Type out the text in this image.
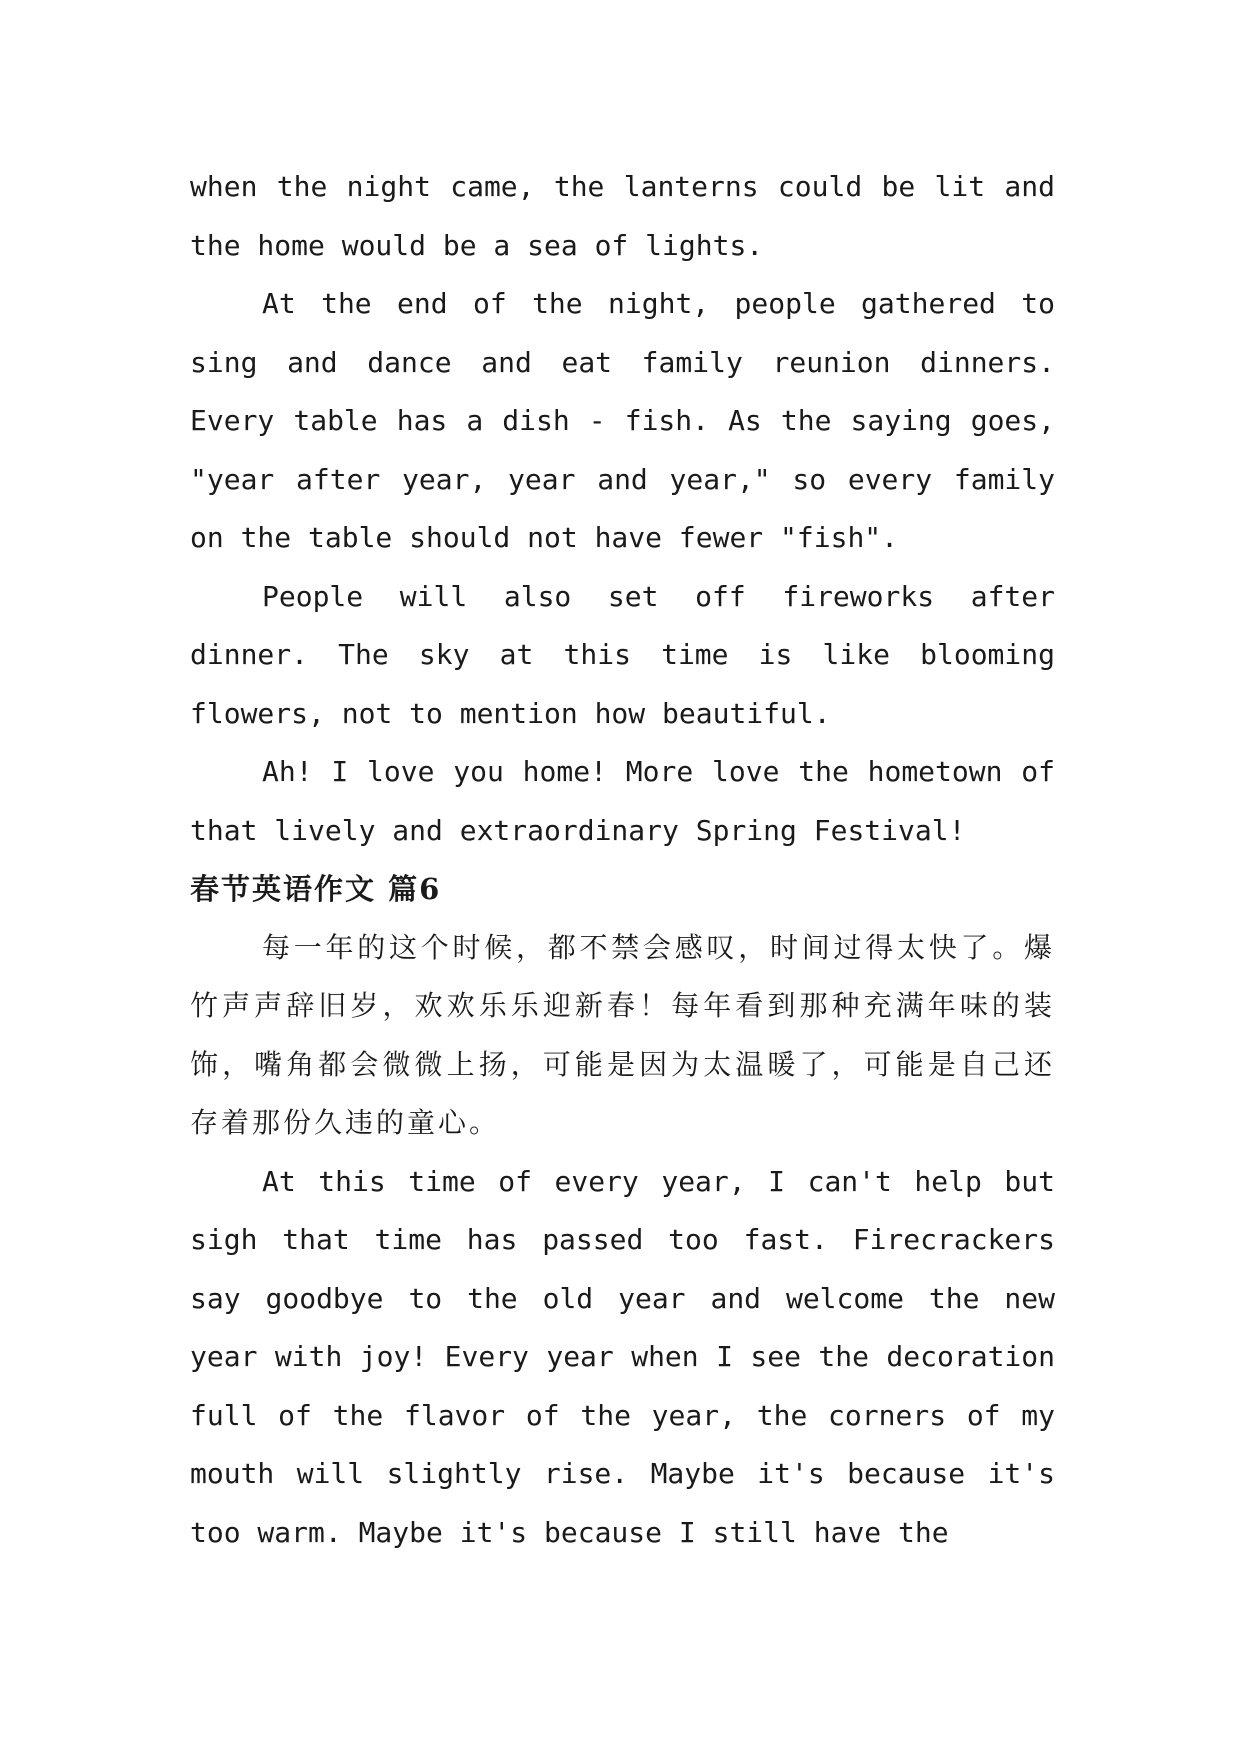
when the night came, the lanterns could be lit and the home would be a sea of lights.

At the end of the night, people gathered to sing and dance and eat family reunion dinners. Every table has a dish - fish. As the saying goes, "year after year, year and year," so every family on the table should not have fewer "fish".

People will also set off fireworks after dinner. The sky at this time is like blooming flowers, not to mention how beautiful.

Ah! I love you home! More love the hometown of that lively and extraordinary Spring Festival!

春节英语作文 篇6

每一年的这个时候，都不禁会感叹，时间过得太快了。爆竹声声辞旧岁，欢欢乐乐迎新春！每年看到那种充满年味的装饰，嘴角都会微微上扬，可能是因为太温暖了，可能是自己还存着那份久违的童心。

At this time of every year, I can't help but sigh that time has passed too fast. Firecrackers say goodbye to the old year and welcome the new year with joy! Every year when I see the decoration full of the flavor of the year, the corners of my mouth will slightly rise. Maybe it's because it's too warm. Maybe it's because I still have the
